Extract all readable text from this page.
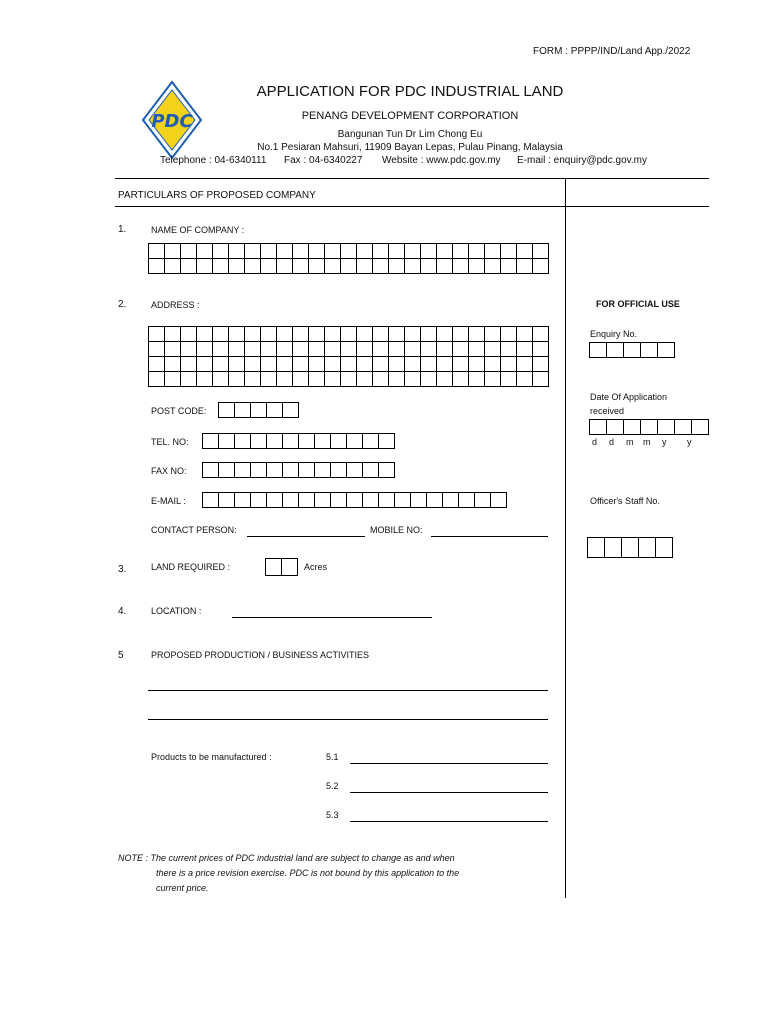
FORM : PPPP/IND/Land App./2022
PDC
APPLICATION FOR PDC INDUSTRIAL LAND
PENANG DEVELOPMENT CORPORATION
Bangunan Tun Dr Lim Chong Eu
No.1 Pesiaran Mahsuri, 11909 Bayan Lepas, Pulau Pinang, Malaysia
Telephone : 04-6340111 Fax : 04-6340227 Website : www.pdc.gov.my E-mail : enquiry@pdc.gov.my
PARTICULARS OF PROPOSED COMPANY
1.	NAME OF COMPANY :
2.	ADDRESS :
POST CODE:
TEL. NO:
FAX NO:
E-MAIL :
CONTACT PERSON:	MOBILE NO:
3.	LAND REQUIRED :	Acres
4.	LOCATION :
5	PROPOSED PRODUCTION / BUSINESS ACTIVITIES
Products to be manufactured :	5.1
5.2
5.3
FOR OFFICIAL USE
Enquiry No.
Date Of Application
received
d d m m y y
Officer's Staff No.
NOTE : The current prices of PDC industrial land are subject to change as and when
there is a price revision exercise. PDC is not bound by this application to the
current price.
